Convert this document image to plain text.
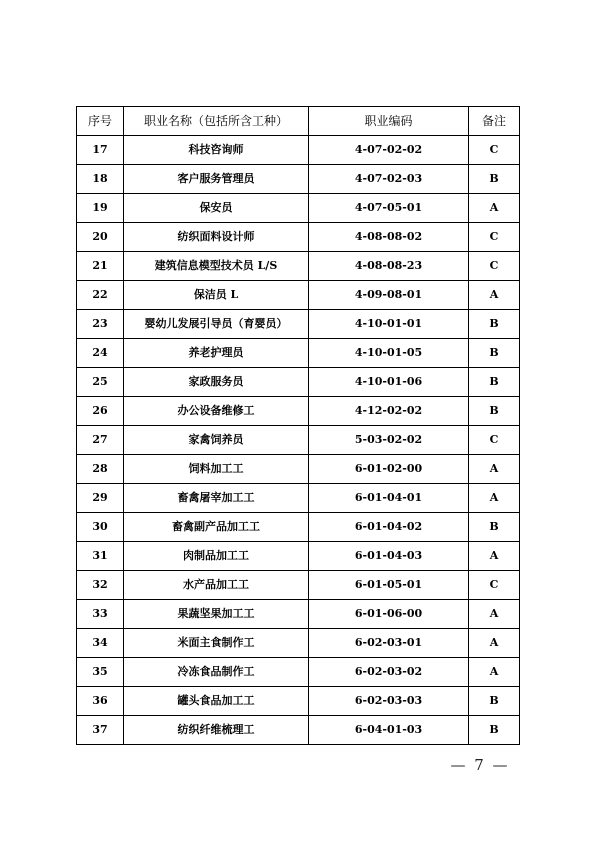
序号	职业名称（包括所含工种）	职业编码	备注
17	科技咨询师	4-07-02-02	C
18	客户服务管理员	4-07-02-03	B
19	保安员	4-07-05-01	A
20	纺织面料设计师	4-08-08-02	C
21	建筑信息模型技术员 L/S	4-08-08-23	C
22	保洁员 L	4-09-08-01	A
23	婴幼儿发展引导员（育婴员）	4-10-01-01	B
24	养老护理员	4-10-01-05	B
25	家政服务员	4-10-01-06	B
26	办公设备维修工	4-12-02-02	B
27	家禽饲养员	5-03-02-02	C
28	饲料加工工	6-01-02-00	A
29	畜禽屠宰加工工	6-01-04-01	A
30	畜禽副产品加工工	6-01-04-02	B
31	肉制品加工工	6-01-04-03	A
32	水产品加工工	6-01-05-01	C
33	果蔬坚果加工工	6-01-06-00	A
34	米面主食制作工	6-02-03-01	A
35	冷冻食品制作工	6-02-03-02	A
36	罐头食品加工工	6-02-03-03	B
37	纺织纤维梳理工	6-04-01-03	B
— 7 —
